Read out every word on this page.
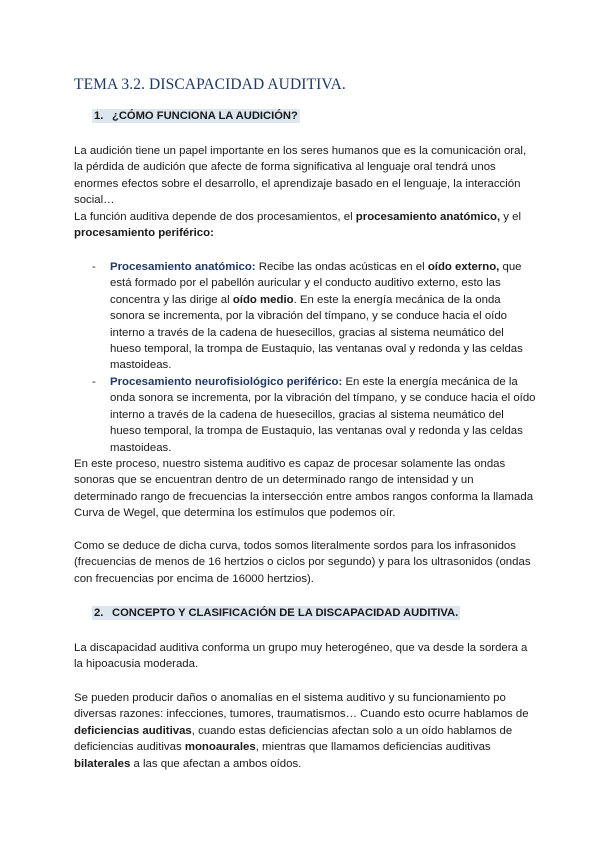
TEMA 3.2. DISCAPACIDAD AUDITIVA.
1. ¿CÓMO FUNCIONA LA AUDICIÓN?

La audición tiene un papel importante en los seres humanos que es la comunicación oral, la pérdida de audición que afecte de forma significativa al lenguaje oral tendrá unos enormes efectos sobre el desarrollo, el aprendizaje basado en el lenguaje, la interacción social…

La función auditiva depende de dos procesamientos, el procesamiento anatómico, y el procesamiento periférico:

- Procesamiento anatómico: Recibe las ondas acústicas en el oído externo, que está formado por el pabellón auricular y el conducto auditivo externo, esto las concentra y las dirige al oído medio. En este la energía mecánica de la onda sonora se incrementa, por la vibración del tímpano, y se conduce hacia el oído interno a través de la cadena de huesecillos, gracias al sistema neumático del hueso temporal, la trompa de Eustaquio, las ventanas oval y redonda y las celdas mastoideas.
- Procesamiento neurofisiológico periférico: En este la energía mecánica de la onda sonora se incrementa, por la vibración del tímpano, y se conduce hacia el oído interno a través de la cadena de huesecillos, gracias al sistema neumático del hueso temporal, la trompa de Eustaquio, las ventanas oval y redonda y las celdas mastoideas.

En este proceso, nuestro sistema auditivo es capaz de procesar solamente las ondas sonoras que se encuentran dentro de un determinado rango de intensidad y un determinado rango de frecuencias la intersección entre ambos rangos conforma la llamada Curva de Wegel, que determina los estímulos que podemos oír.

Como se deduce de dicha curva, todos somos literalmente sordos para los infrasonidos (frecuencias de menos de 16 hertzios o ciclos por segundo) y para los ultrasonidos (ondas con frecuencias por encima de 16000 hertzios).

2. CONCEPTO Y CLASIFICACIÓN DE LA DISCAPACIDAD AUDITIVA.

La discapacidad auditiva conforma un grupo muy heterogéneo, que va desde la sordera a la hipoacusia moderada.

Se pueden producir daños o anomalías en el sistema auditivo y su funcionamiento po diversas razones: infecciones, tumores, traumatismos… Cuando esto ocurre hablamos de deficiencias auditivas, cuando estas deficiencias afectan solo a un oído hablamos de deficiencias auditivas monoaurales, mientras que llamamos deficiencias auditivas bilaterales a las que afectan a ambos oídos.
